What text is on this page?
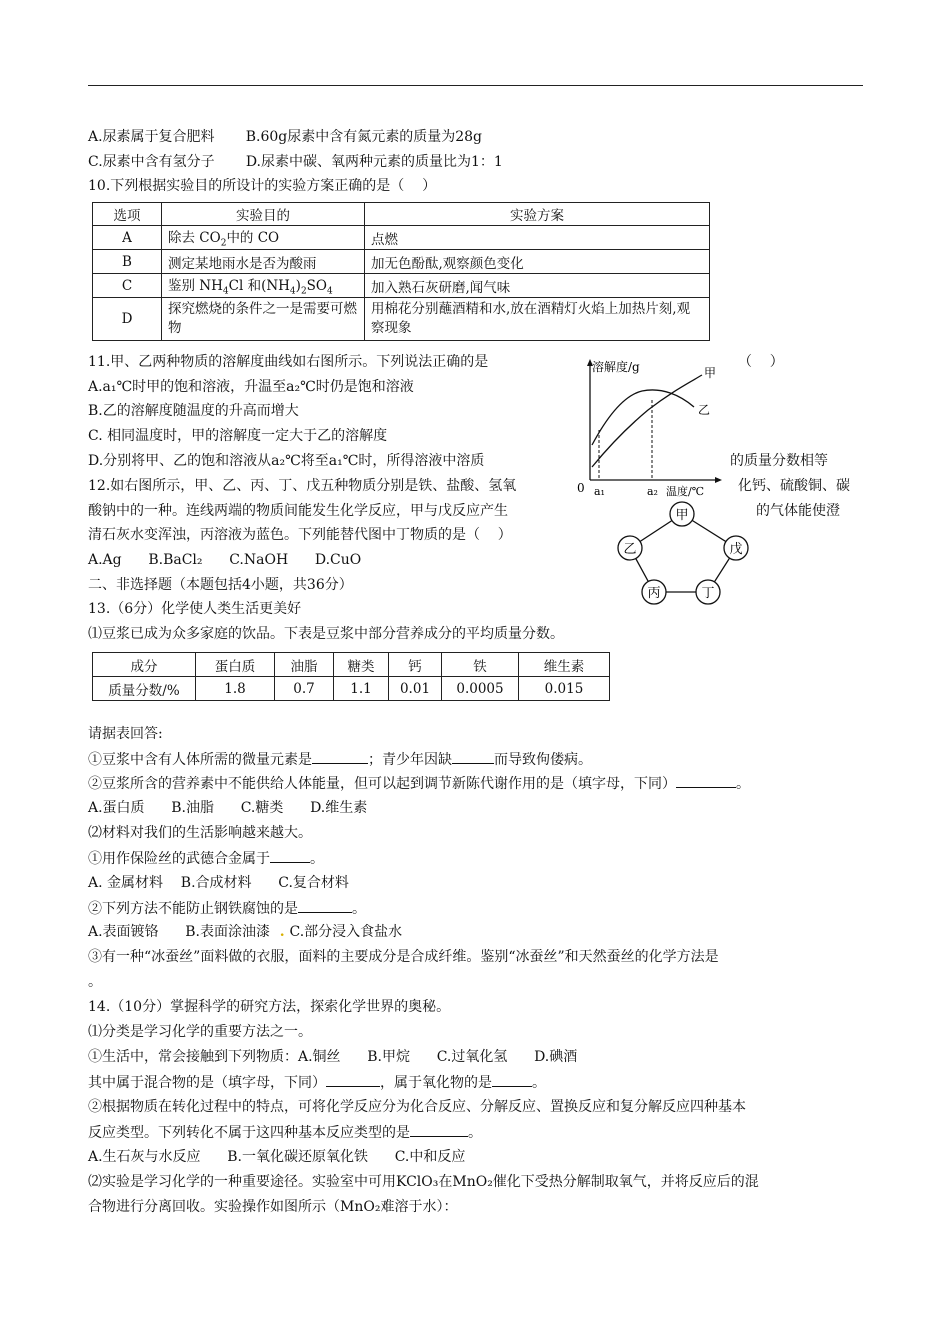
A.尿素属于复合肥料 B.60g尿素中含有氮元素的质量为28g
C.尿素中含有氢分子 D.尿素中碳、氧两种元素的质量比为1：1
10.下列根据实验目的所设计的实验方案正确的是（    ）
选项	实验目的	实验方案
A	除去 $CO_2$中的 CO	点燃
B	测定某地雨水是否为酸雨	加无色酚酞,观察颜色变化
C	鉴别 $NH_4Cl$ 和$(NH_4)_2SO_4$	加入熟石灰研磨,闻气味
D	探究燃烧的条件之一是需要可燃物	用棉花分别蘸酒精和水,放在酒精灯火焰上加热片刻,观察现象
11.甲、乙两种物质的溶解度曲线如右图所示。下列说法正确的是	（    ）
A.a₁℃时甲的饱和溶液，升温至a₂℃时仍是饱和溶液
B.乙的溶解度随温度的升高而增大
C. 相同温度时，甲的溶解度一定大于乙的溶解度
D.分别将甲、乙的饱和溶液从a₂℃将至a₁℃时，所得溶液中溶质	的质量分数相等
溶解度/g	甲
乙
0 a₁	a₂ 温度/℃
12.如右图所示，甲、乙、丙、丁、戊五种物质分别是铁、盐酸、氢氧	化钙、硫酸铜、碳
酸钠中的一种。连线两端的物质间能发生化学反应，甲与戊反应产生	的气体能使澄
清石灰水变浑浊，丙溶液为蓝色。下列能替代图中丁物质的是（    ）
A.Ag      B.BaCl₂      C.NaOH      D.CuO
甲
戊
丁
丙
乙
二、非选择题（本题包括4小题，共36分）
13.（6分）化学使人类生活更美好
⑴豆浆已成为众多家庭的饮品。下表是豆浆中部分营养成分的平均质量分数。
成分	蛋白质	油脂	糖类	钙	铁	维生素
质量分数/%	1.8	0.7	1.1	0.01	0.0005	0.015
请据表回答:
①豆浆中含有人体所需的微量元素是	；青少年因缺	而导致佝偻病。
②豆浆所含的营养素中不能供给人体能量，但可以起到调节新陈代谢作用的是（填字母，下同）	。
A.蛋白质      B.油脂      C.糖类      D.维生素
⑵材料对我们的生活影响越来越大。
①用作保险丝的武德合金属于	。
A. 金属材料    B.合成材料      C.复合材料
②下列方法不能防止钢铁腐蚀的是	。
A.表面镀铬      B.表面涂油漆  . C.部分浸入食盐水
③有一种“冰蚕丝”面料做的衣服，面料的主要成分是合成纤维。鉴别“冰蚕丝”和天然蚕丝的化学方法是
。
14.（10分）掌握科学的研究方法，探索化学世界的奥秘。
⑴分类是学习化学的重要方法之一。
①生活中，常会接触到下列物质：A.铜丝      B.甲烷      C.过氧化氢      D.碘酒
其中属于混合物的是（填字母，下同）	，属于氧化物的是	。
②根据物质在转化过程中的特点，可将化学反应分为化合反应、分解反应、置换反应和复分解反应四种基本
反应类型。下列转化不属于这四种基本反应类型的是	。
A.生石灰与水反应      B.一氧化碳还原氧化铁      C.中和反应
⑵实验是学习化学的一种重要途径。实验室中可用KClO₃在MnO₂催化下受热分解制取氧气，并将反应后的混
合物进行分离回收。实验操作如图所示（MnO₂难溶于水）：
